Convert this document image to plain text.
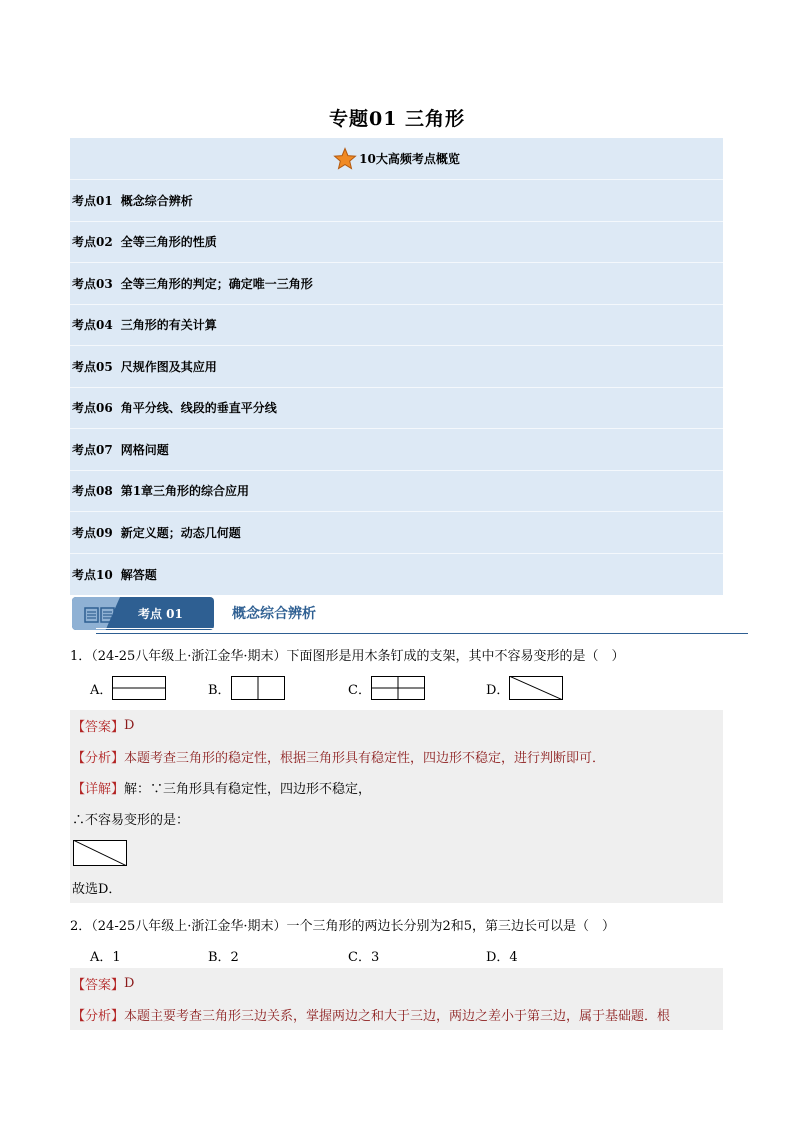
专题01 三角形
10大高频考点概览
考点01 概念综合辨析
考点02 全等三角形的性质
考点03 全等三角形的判定；确定唯一三角形
考点04 三角形的有关计算
考点05 尺规作图及其应用
考点06 角平分线、线段的垂直平分线
考点07 网格问题
考点08 第1章三角形的综合应用
考点09 新定义题；动态几何题
考点10 解答题
考点 01	概念综合辨析
1．（24-25八年级上·浙江金华·期末）下面图形是用木条钉成的支架，其中不容易变形的是（　）
A．	B．	C．	D．
【答案】 D
【分析】 本题考查三角形的稳定性，根据三角形具有稳定性，四边形不稳定，进行判断即可．
【详解】 解：∵三角形具有稳定性，四边形不稳定，
∴不容易变形的是：
故选D．
2．（24-25八年级上·浙江金华·期末）一个三角形的两边长分别为2和5，第三边长可以是（　）
A．1	B．2	C．3	D．4
【答案】 D
【分析】 本题主要考查三角形三边关系，掌握两边之和大于三边，两边之差小于第三边，属于基础题．根
